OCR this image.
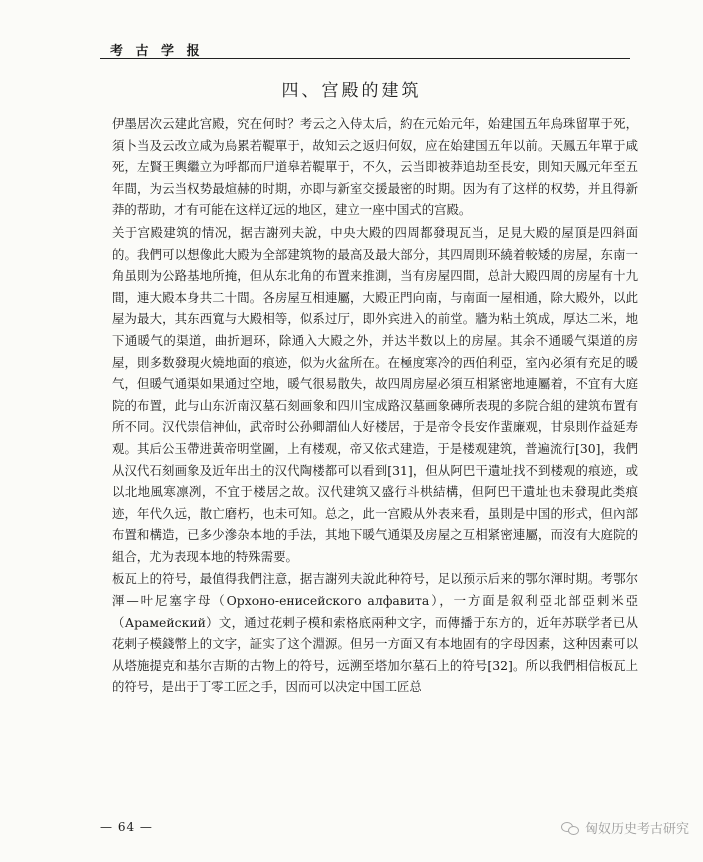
考 古 学 报
四、宫殿的建筑

伊墨居次云建此宫殿，究在何时？考云之入侍太后，約在元始元年，始建国五年烏珠留單于死，須卜当及云改立咸为烏累若鞮單于，故知云之返归何奴，应在始建国五年以前。天鳳五年單于咸死，左賢王輿繼立为呼都而尸道皋若鞮單于，不久，云当即被莽追劫至長安，則知天鳳元年至五年間，为云当权势最煊赫的时期，亦即与新室交援最密的时期。因为有了这样的权势，并且得新莽的帮助，才有可能在这样辽远的地区，建立一座中国式的宫殿。

关于宫殿建筑的情况，据吉謝列夫說，中央大殿的四周都發現瓦当，足見大殿的屋頂是四斜面的。我們可以想像此大殿为全部建筑物的最高及最大部分，其四周則环繞着較矮的房屋，东南一角虽則为公路基地所掩，但从东北角的布置来推測，当有房屋四間，总計大殿四周的房屋有十九間，連大殿本身共二十間。各房屋互相連屬，大殿正門向南，与南面一屋相通，除大殿外，以此屋为最大，其东西寬与大殿相等，似系过厅，即外宾进入的前堂。牆为粘土筑成，厚达二米，地下通暖气的渠道，曲折迴环，除通入大殿之外，并达半数以上的房屋。其余不通暖气渠道的房屋，則多数發現火燒地面的痕迹，似为火盆所在。在極度寒冷的西伯利亞，室內必須有充足的暖气，但暖气通渠如果通过空地，暖气很易散失，故四周房屋必須互相紧密地連屬着，不宜有大庭院的布置，此与山东沂南汉墓石刻画象和四川宝成路汉墓画象磚所表現的多院合組的建筑布置有所不同。汉代崇信神仙，武帝时公孙卿謂仙人好楼居，于是帝令長安作蜚廉观，甘泉則作益延寿观。其后公玉帶进黃帝明堂圖，上有楼观，帝又依式建造，于是楼观建筑，普遍流行[30]，我們从汉代石刻画象及近年出土的汉代陶楼都可以看到[31]，但从阿巴干遺址找不到楼观的痕迹，或以北地風寒凛冽，不宜于楼居之故。汉代建筑又盛行斗栱結構，但阿巴干遺址也未發現此类痕迹，年代久远，散亡磨朽，也未可知。总之，此一宫殿从外表来看，虽則是中国的形式，但內部布置和構造，已多少滲杂本地的手法，其地下暖气通渠及房屋之互相紧密連屬，而沒有大庭院的組合，尤为表现本地的特殊需要。

板瓦上的符号，最值得我們注意，据吉謝列夫說此种符号，足以预示后来的鄂尔渾时期。考鄂尔渾—叶尼塞字母（Орхоно-енисейского алфавита），一方面是叙利亞北部亞剌米亞（Арамейский）文，通过花剌子模和索格底兩种文字，而傳播于东方的，近年苏联学者已从花剌子模錢幣上的文字，証实了这个淵源。但另一方面又有本地固有的字母因素，这种因素可以从塔施提克和基尔吉斯的古物上的符号，远溯至塔加尔墓石上的符号[32]。所以我們相信板瓦上的符号，是出于丁零工匠之手，因而可以决定中国工匠总

— 64 —	匈奴历史考古研究
